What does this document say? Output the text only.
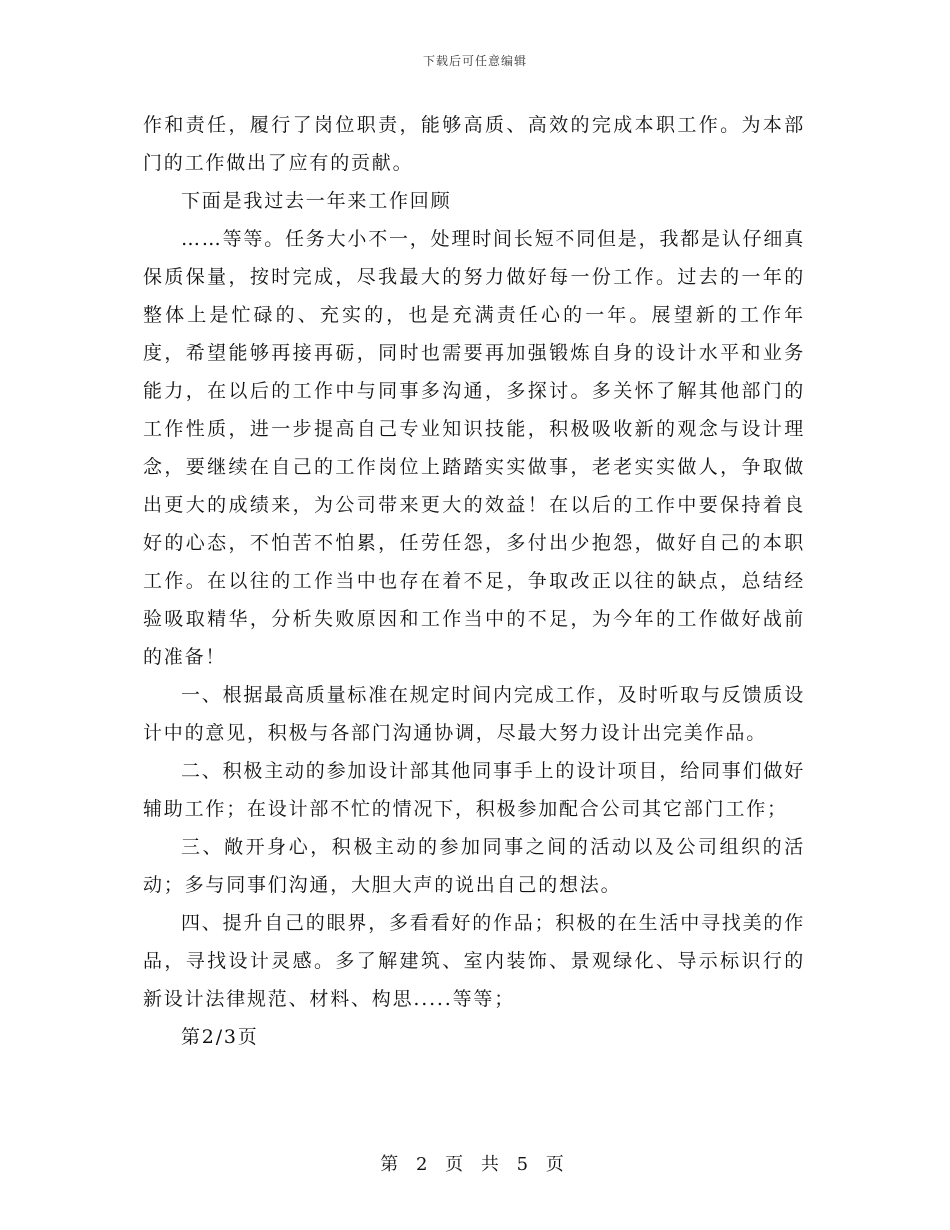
下载后可任意编辑

作和责任，履行了岗位职责，能够高质、高效的完成本职工作。为本部门的工作做出了应有的贡献。

下面是我过去一年来工作回顾

……等等。任务大小不一，处理时间长短不同但是，我都是认仔细真保质保量，按时完成，尽我最大的努力做好每一份工作。过去的一年的整体上是忙碌的、充实的，也是充满责任心的一年。展望新的工作年度，希望能够再接再砺，同时也需要再加强锻炼自身的设计水平和业务能力，在以后的工作中与同事多沟通，多探讨。多关怀了解其他部门的工作性质，进一步提高自己专业知识技能，积极吸收新的观念与设计理念，要继续在自己的工作岗位上踏踏实实做事，老老实实做人，争取做出更大的成绩来，为公司带来更大的效益！在以后的工作中要保持着良好的心态，不怕苦不怕累，任劳任怨，多付出少抱怨，做好自己的本职工作。在以往的工作当中也存在着不足，争取改正以往的缺点，总结经验吸取精华，分析失败原因和工作当中的不足，为今年的工作做好战前的准备！

一、根据最高质量标准在规定时间内完成工作，及时听取与反馈质设计中的意见，积极与各部门沟通协调，尽最大努力设计出完美作品。

二、积极主动的参加设计部其他同事手上的设计项目，给同事们做好辅助工作；在设计部不忙的情况下，积极参加配合公司其它部门工作；

三、敞开身心，积极主动的参加同事之间的活动以及公司组织的活动；多与同事们沟通，大胆大声的说出自己的想法。

四、提升自己的眼界，多看看好的作品；积极的在生活中寻找美的作品，寻找设计灵感。多了解建筑、室内装饰、景观绿化、导示标识行的新设计法律规范、材料、构思.....等等；

第2/3页

第 2 页 共 5 页
